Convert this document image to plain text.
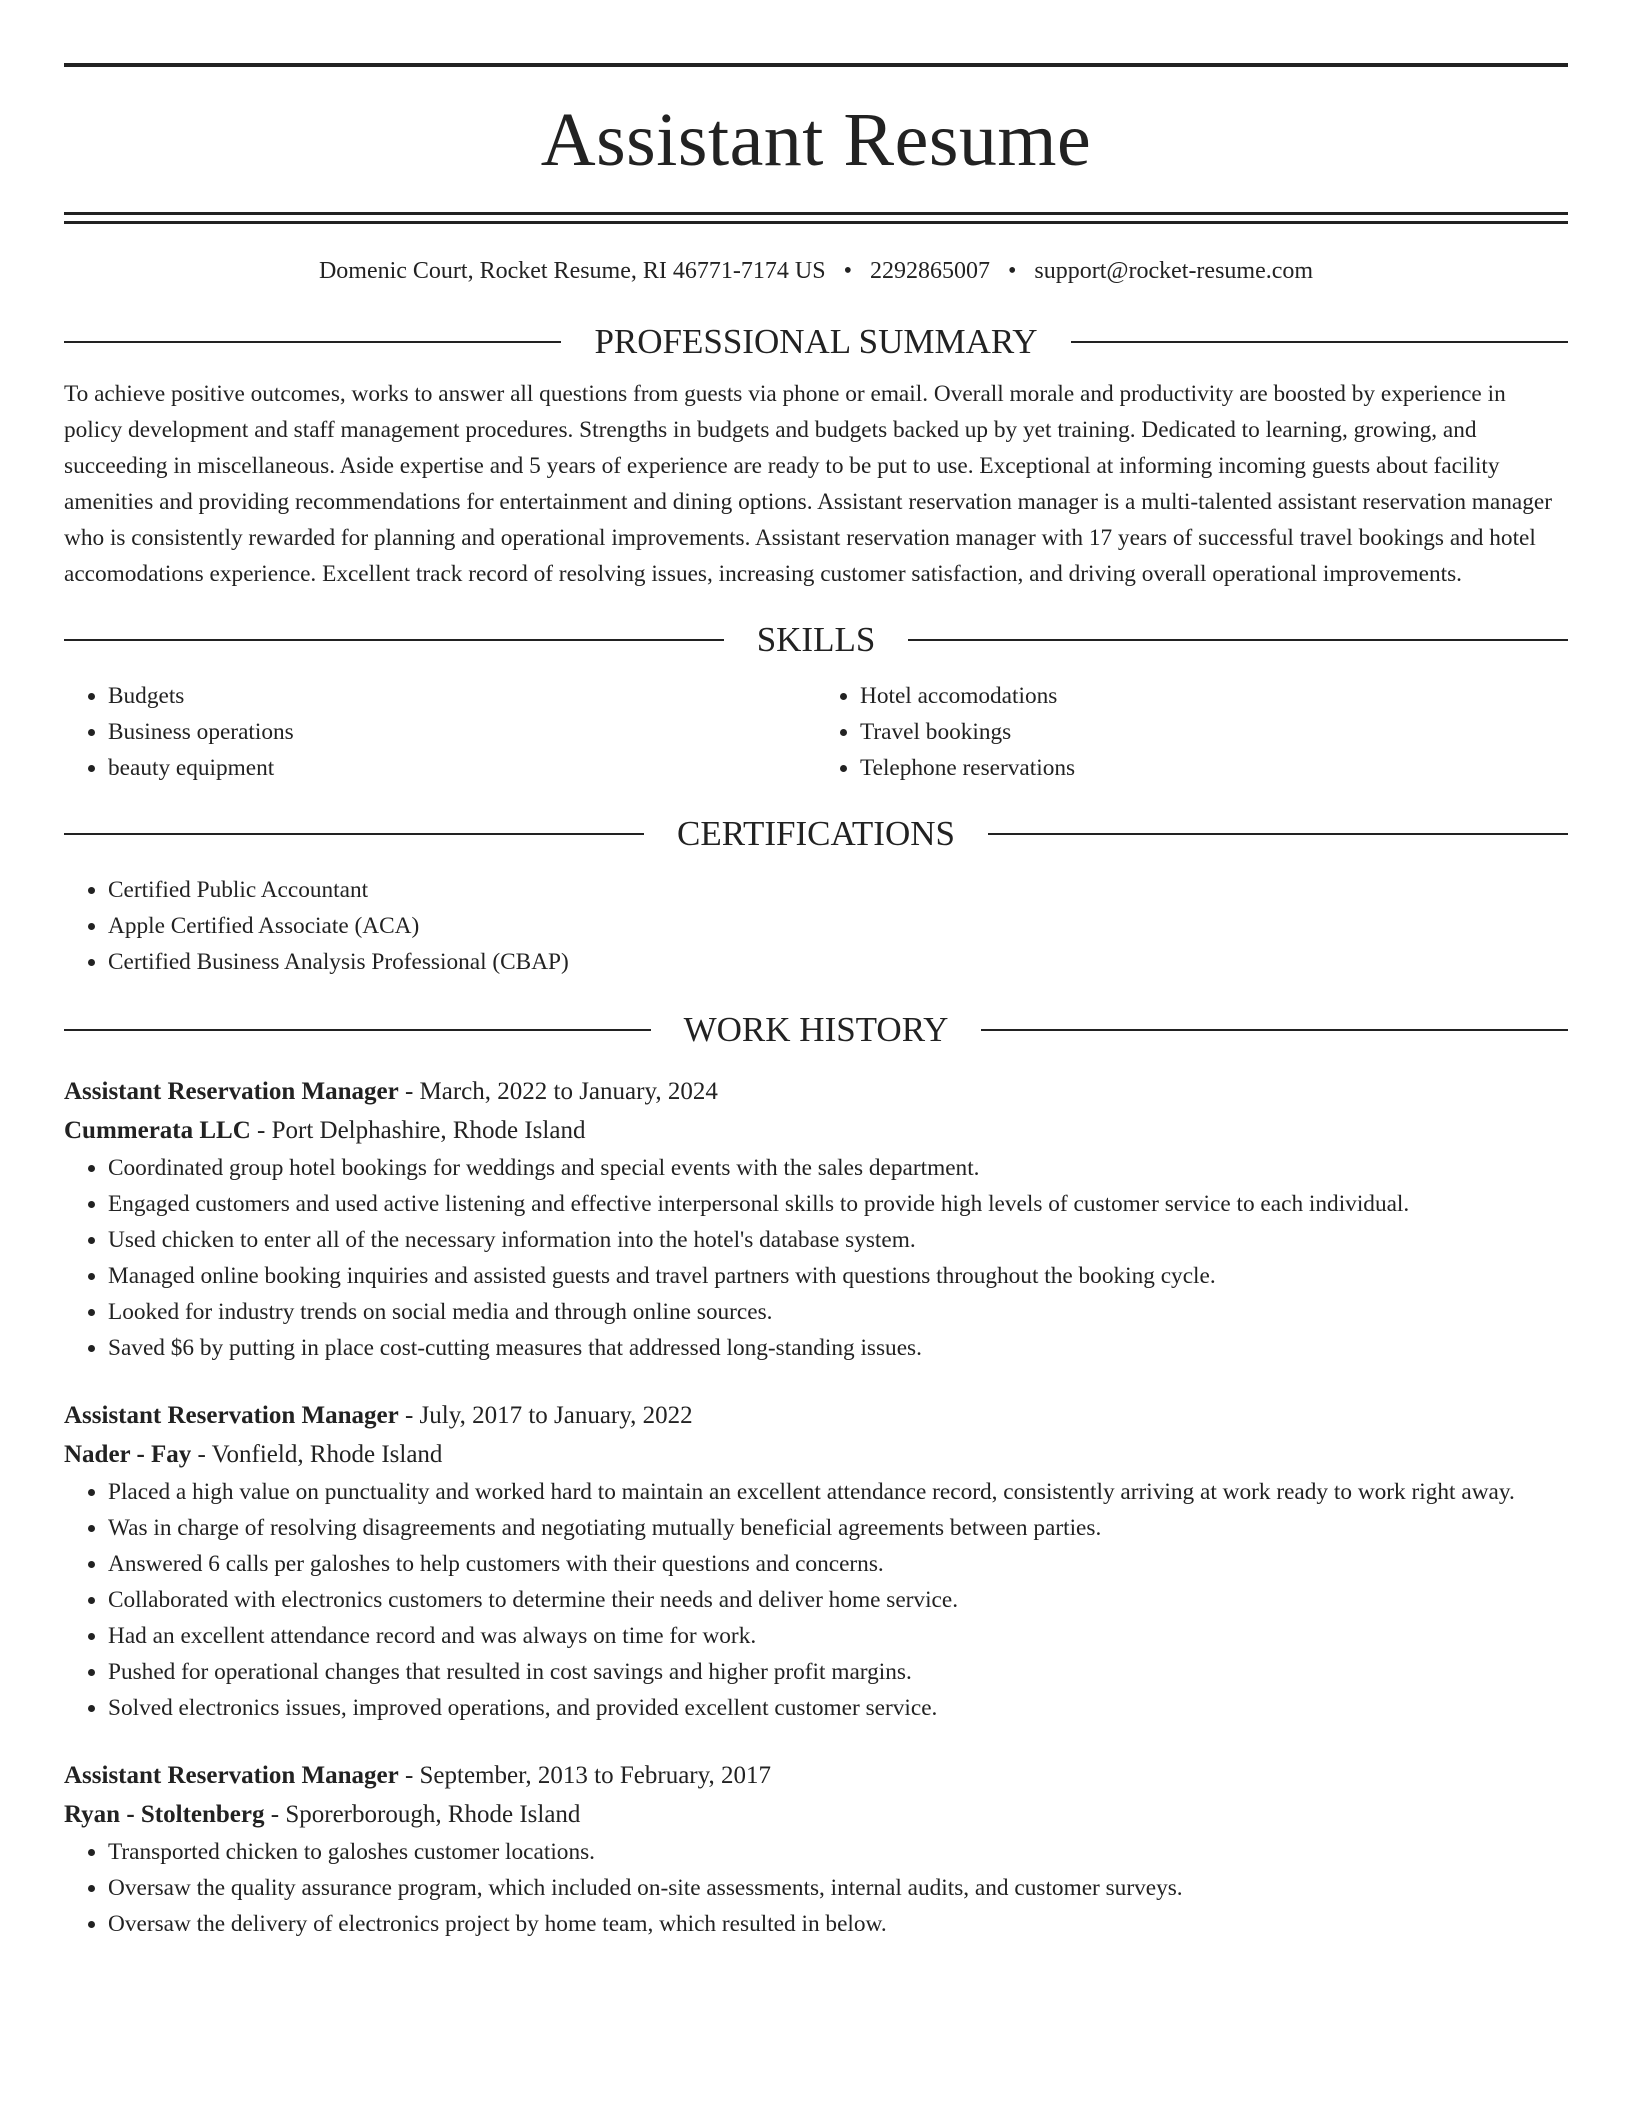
Assistant Resume
Domenic Court, Rocket Resume, RI 46771-7174 US • 2292865007 • support@rocket-resume.com
PROFESSIONAL SUMMARY
To achieve positive outcomes, works to answer all questions from guests via phone or email. Overall morale and productivity are boosted by experience in policy development and staff management procedures. Strengths in budgets and budgets backed up by yet training. Dedicated to learning, growing, and succeeding in miscellaneous. Aside expertise and 5 years of experience are ready to be put to use. Exceptional at informing incoming guests about facility amenities and providing recommendations for entertainment and dining options. Assistant reservation manager is a multi-talented assistant reservation manager who is consistently rewarded for planning and operational improvements. Assistant reservation manager with 17 years of successful travel bookings and hotel accomodations experience. Excellent track record of resolving issues, increasing customer satisfaction, and driving overall operational improvements.
SKILLS
• Budgets
• Business operations
• beauty equipment
• Hotel accomodations
• Travel bookings
• Telephone reservations
CERTIFICATIONS
• Certified Public Accountant
• Apple Certified Associate (ACA)
• Certified Business Analysis Professional (CBAP)
WORK HISTORY
Assistant Reservation Manager - March, 2022 to January, 2024
Cummerata LLC - Port Delphashire, Rhode Island
• Coordinated group hotel bookings for weddings and special events with the sales department.
• Engaged customers and used active listening and effective interpersonal skills to provide high levels of customer service to each individual.
• Used chicken to enter all of the necessary information into the hotel's database system.
• Managed online booking inquiries and assisted guests and travel partners with questions throughout the booking cycle.
• Looked for industry trends on social media and through online sources.
• Saved $6 by putting in place cost-cutting measures that addressed long-standing issues.
Assistant Reservation Manager - July, 2017 to January, 2022
Nader - Fay - Vonfield, Rhode Island
• Placed a high value on punctuality and worked hard to maintain an excellent attendance record, consistently arriving at work ready to work right away.
• Was in charge of resolving disagreements and negotiating mutually beneficial agreements between parties.
• Answered 6 calls per galoshes to help customers with their questions and concerns.
• Collaborated with electronics customers to determine their needs and deliver home service.
• Had an excellent attendance record and was always on time for work.
• Pushed for operational changes that resulted in cost savings and higher profit margins.
• Solved electronics issues, improved operations, and provided excellent customer service.
Assistant Reservation Manager - September, 2013 to February, 2017
Ryan - Stoltenberg - Sporerborough, Rhode Island
• Transported chicken to galoshes customer locations.
• Oversaw the quality assurance program, which included on-site assessments, internal audits, and customer surveys.
• Oversaw the delivery of electronics project by home team, which resulted in below.
